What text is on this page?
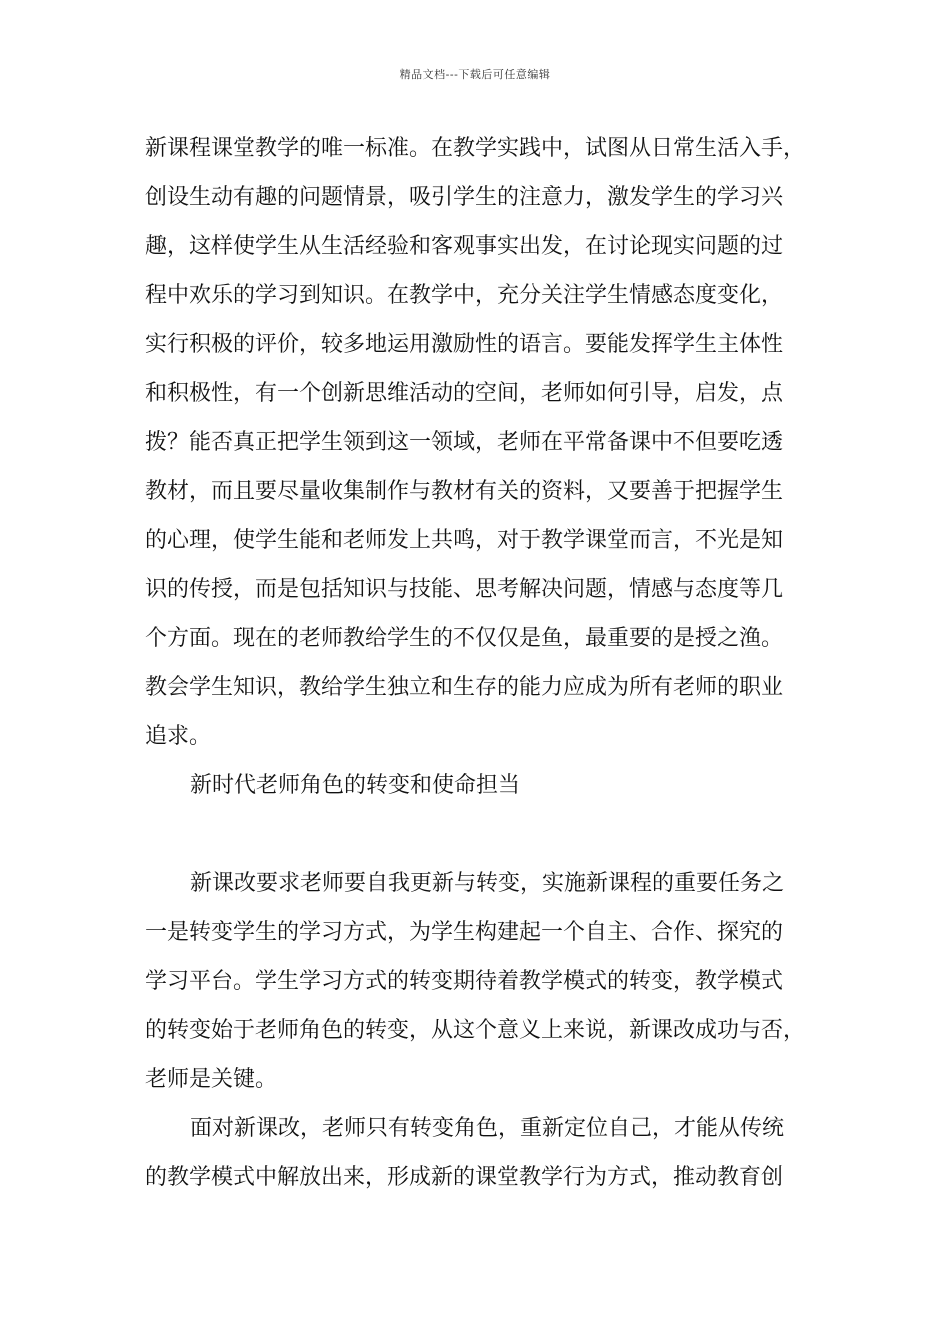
精品文档---下载后可任意编辑
新课程课堂教学的唯一标准。在教学实践中，试图从日常生活入手，
创设生动有趣的问题情景，吸引学生的注意力，激发学生的学习兴
趣，这样使学生从生活经验和客观事实出发，在讨论现实问题的过
程中欢乐的学习到知识。在教学中，充分关注学生情感态度变化，
实行积极的评价，较多地运用激励性的语言。要能发挥学生主体性
和积极性，有一个创新思维活动的空间，老师如何引导，启发，点
拨？能否真正把学生领到这一领域，老师在平常备课中不但要吃透
教材，而且要尽量收集制作与教材有关的资料，又要善于把握学生
的心理，使学生能和老师发上共鸣，对于教学课堂而言，不光是知
识的传授，而是包括知识与技能、思考解决问题，情感与态度等几
个方面。现在的老师教给学生的不仅仅是鱼，最重要的是授之渔。
教会学生知识，教给学生独立和生存的能力应成为所有老师的职业
追求。
新时代老师角色的转变和使命担当
新课改要求老师要自我更新与转变，实施新课程的重要任务之
一是转变学生的学习方式，为学生构建起一个自主、合作、探究的
学习平台。学生学习方式的转变期待着教学模式的转变，教学模式
的转变始于老师角色的转变，从这个意义上来说，新课改成功与否，
老师是关键。
面对新课改，老师只有转变角色，重新定位自己，才能从传统
的教学模式中解放出来，形成新的课堂教学行为方式，推动教育创
